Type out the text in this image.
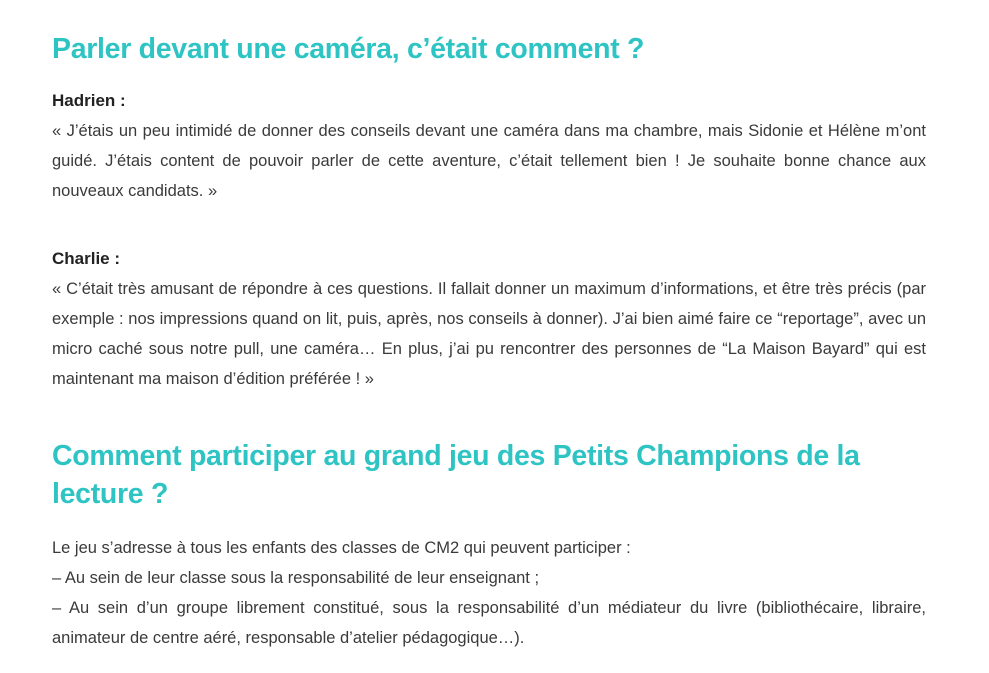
Parler devant une caméra, c’était comment ?
Hadrien :

« J’étais un peu intimidé de donner des conseils devant une caméra dans ma chambre, mais Sidonie et Hélène m’ont guidé. J’étais content de pouvoir parler de cette aventure, c’était tellement bien ! Je souhaite bonne chance aux nouveaux candidats. »

Charlie :

« C’était très amusant de répondre à ces questions. Il fallait donner un maximum d’informations, et être très précis (par exemple : nos impressions quand on lit, puis, après, nos conseils à donner). J’ai bien aimé faire ce “reportage”, avec un micro caché sous notre pull, une caméra… En plus, j’ai pu rencontrer des personnes de “La Maison Bayard” qui est maintenant ma maison d’édition préférée ! »

Comment participer au grand jeu des Petits Champions de la lecture ?
Le jeu s’adresse à tous les enfants des classes de CM2 qui peuvent participer :
– Au sein de leur classe sous la responsabilité de leur enseignant ;

– Au sein d’un groupe librement constitué, sous la responsabilité d’un médiateur du livre (bibliothécaire, libraire, animateur de centre aéré, responsable d’atelier pédagogique…).
